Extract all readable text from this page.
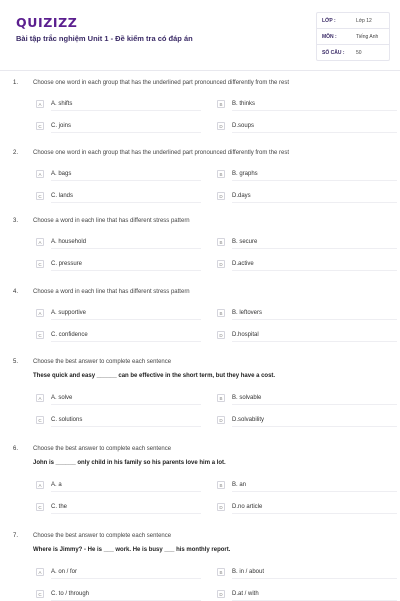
QUIZIZZ
Bài tập trắc nghiệm Unit 1 - Đề kiểm tra có đáp án
LỚP :	Lớp 12
MÔN :	Tiếng Anh
SỐ CÂU :	50
1. Choose one word in each group that has the underlined part pronounced differently from the rest
A	A. shifts	B	B. thinks
C	C. joins	D	D.soups
2. Choose one word in each group that has the underlined part pronounced differently from the rest
A	A. bags	B	B. graphs
C	C. lands	D	D.days
3. Choose a word in each line that has different stress pattern
A	A. household	B	B. secure
C	C. pressure	D	D.active
4. Choose a word in each line that has different stress pattern
A	A. supportive	B	B. leftovers
C	C. confidence	D	D.hospital
5. Choose the best answer to complete each sentence
These quick and easy ______ can be effective in the short term, but they have a cost.
A	A. solve	B	B. solvable
C	C. solutions	D	D.solvability
6. Choose the best answer to complete each sentence
John is ______ only child in his family so his parents love him a lot.
A	A. a	B	B. an
C	C. the	D	D.no article
7. Choose the best answer to complete each sentence
Where is Jimmy? - He is ___ work. He is busy ___ his monthly report.
A	A. on / for	B	B. in / about
C	C. to / through	D	D.at / with
